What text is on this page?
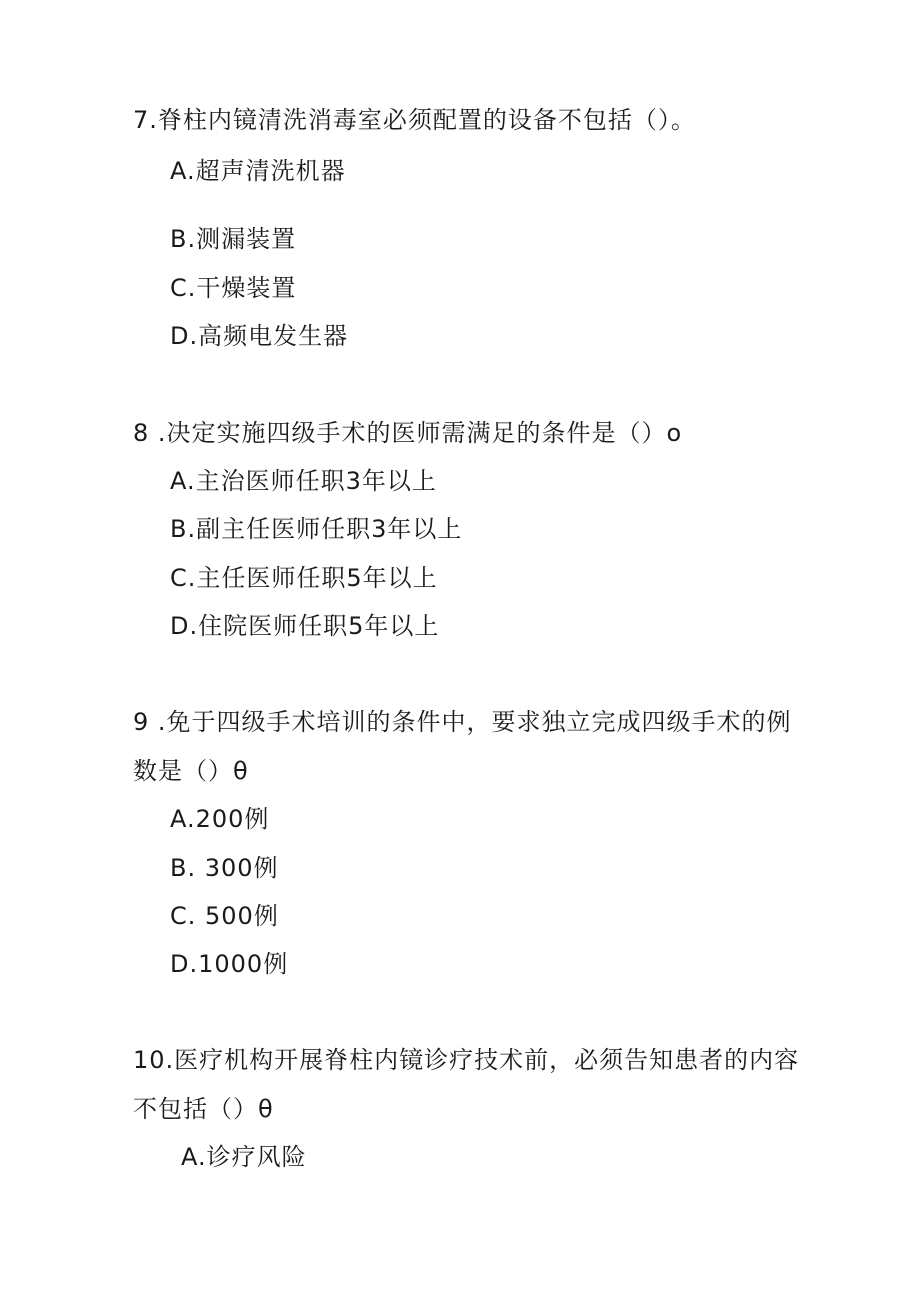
7.脊柱内镜清洗消毒室必须配置的设备不包括（）。
A.超声清洗机器
B.测漏装置
C.干燥装置
D.高频电发生器
8 .决定实施四级手术的医师需满足的条件是（）o
A.主治医师任职3年以上
B.副主任医师任职3年以上
C.主任医师任职5年以上
D.住院医师任职5年以上
9 .免于四级手术培训的条件中，要求独立完成四级手术的例
数是（）θ
A.200例
B. 300例
C. 500例
D.1000例
10.医疗机构开展脊柱内镜诊疗技术前，必须告知患者的内容
不包括（）θ
A.诊疗风险
